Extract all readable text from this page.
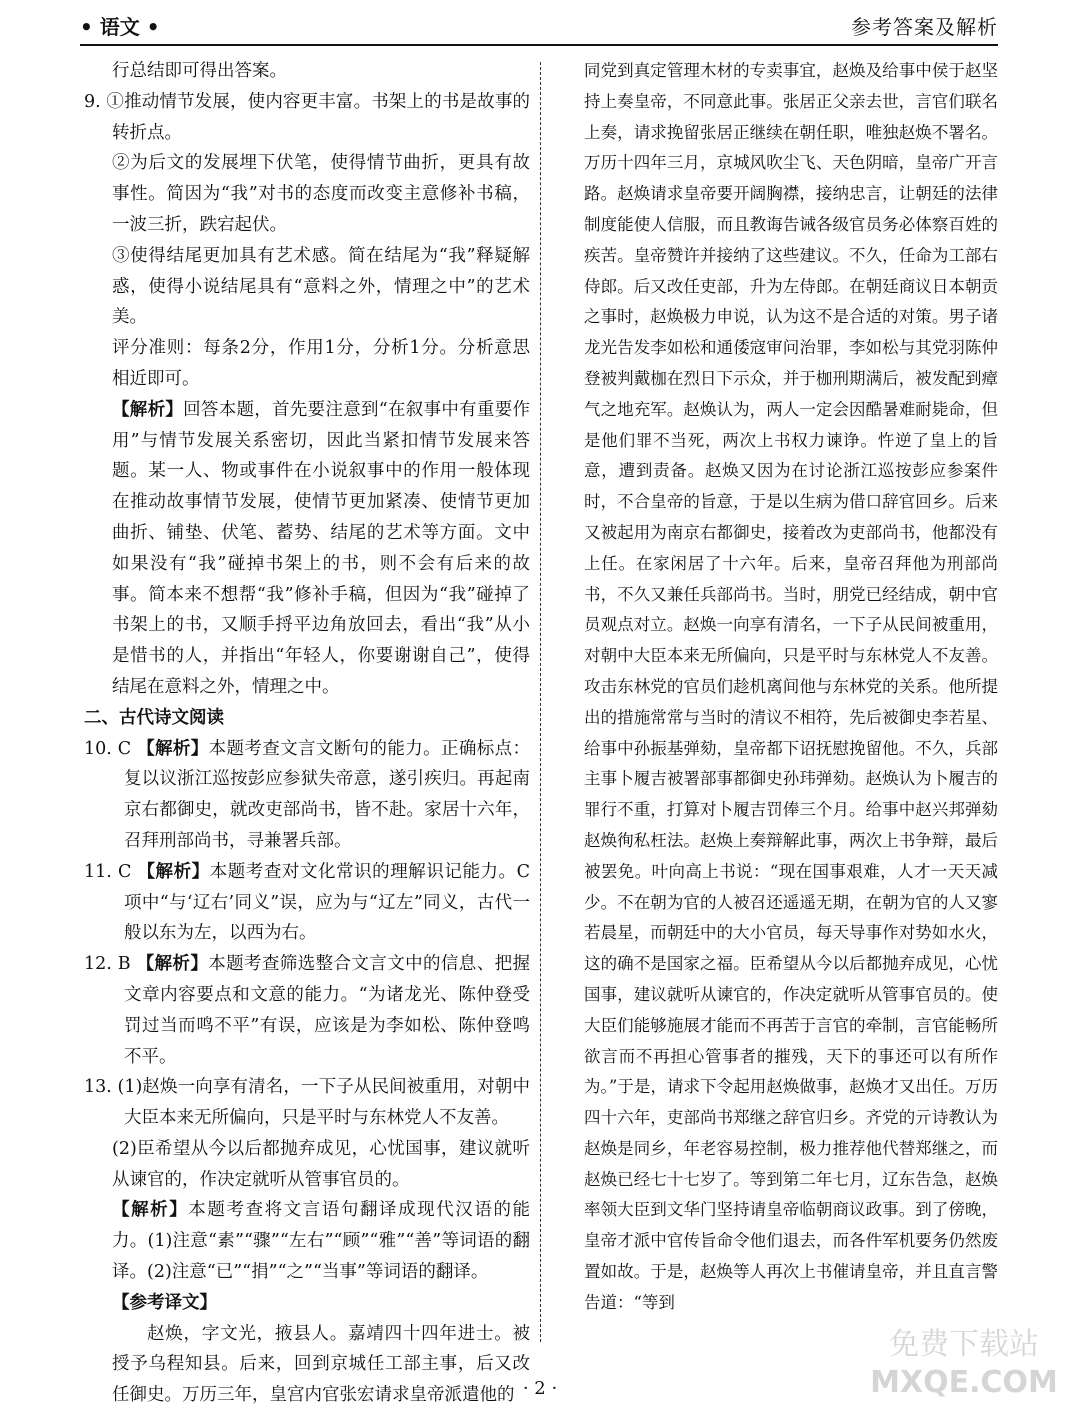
• 语文 •	参考答案及解析

行总结即可得出答案。

9. ①推动情节发展，使内容更丰富。书架上的书是故事的转折点。

②为后文的发展埋下伏笔，使得情节曲折，更具有故事性。简因为“我”对书的态度而改变主意修补书稿，一波三折，跌宕起伏。

③使得结尾更加具有艺术感。简在结尾为“我”释疑解惑，使得小说结尾具有“意料之外，情理之中”的艺术美。

评分准则：每条2分，作用1分，分析1分。分析意思相近即可。

【解析】回答本题，首先要注意到“在叙事中有重要作用”与情节发展关系密切，因此当紧扣情节发展来答题。某一人、物或事件在小说叙事中的作用一般体现在推动故事情节发展，使情节更加紧凑、使情节更加曲折、铺垫、伏笔、蓄势、结尾的艺术等方面。文中如果没有“我”碰掉书架上的书，则不会有后来的故事。简本来不想帮“我”修补手稿，但因为“我”碰掉了书架上的书，又顺手捋平边角放回去，看出“我”从小是惜书的人，并指出“年轻人，你要谢谢自己”，使得结尾在意料之外，情理之中。

二、古代诗文阅读

10. C 【解析】本题考查文言文断句的能力。正确标点：复以议浙江巡按彭应参狱失帝意，遂引疾归。再起南京右都御史，就改吏部尚书，皆不赴。家居十六年，召拜刑部尚书，寻兼署兵部。

11. C 【解析】本题考查对文化常识的理解识记能力。C项中“与‘辽右’同义”误，应为与“辽左”同义，古代一般以东为左，以西为右。

12. B 【解析】本题考查筛选整合文言文中的信息、把握文章内容要点和文意的能力。“为诸龙光、陈仲登受罚过当而鸣不平”有误，应该是为李如松、陈仲登鸣不平。

13. (1)赵焕一向享有清名，一下子从民间被重用，对朝中大臣本来无所偏向，只是平时与东林党人不友善。

(2)臣希望从今以后都抛弃成见，心忧国事，建议就听从谏官的，作决定就听从管事官员的。

【解析】本题考查将文言语句翻译成现代汉语的能力。(1)注意“素”“骤”“左右”“顾”“雅”“善”等词语的翻译。(2)注意“已”“捐”“之”“当事”等词语的翻译。

【参考译文】

赵焕，字文光，掖县人。嘉靖四十四年进士。被授予乌程知县。后来，回到京城任工部主事，后又改任御史。万历三年，皇宫内官张宏请求皇帝派遣他的

同党到真定管理木材的专卖事宜，赵焕及给事中侯于赵坚持上奏皇帝，不同意此事。张居正父亲去世，言官们联名上奏，请求挽留张居正继续在朝任职，唯独赵焕不署名。万历十四年三月，京城风吹尘飞、天色阴暗，皇帝广开言路。赵焕请求皇帝要开阔胸襟，接纳忠言，让朝廷的法律制度能使人信服，而且教诲告诫各级官员务必体察百姓的疾苦。皇帝赞许并接纳了这些建议。不久，任命为工部右侍郎。后又改任吏部，升为左侍郎。在朝廷商议日本朝贡之事时，赵焕极力申说，认为这不是合适的对策。男子诸龙光告发李如松和通倭寇审问治罪，李如松与其党羽陈仲登被判戴枷在烈日下示众，并于枷刑期满后，被发配到瘴气之地充军。赵焕认为，两人一定会因酷暑难耐毙命，但是他们罪不当死，两次上书权力谏诤。忤逆了皇上的旨意，遭到责备。赵焕又因为在讨论浙江巡按彭应参案件时，不合皇帝的旨意，于是以生病为借口辞官回乡。后来又被起用为南京右都御史，接着改为吏部尚书，他都没有上任。在家闲居了十六年。后来，皇帝召拜他为刑部尚书，不久又兼任兵部尚书。当时，朋党已经结成，朝中官员观点对立。赵焕一向享有清名，一下子从民间被重用，对朝中大臣本来无所偏向，只是平时与东林党人不友善。攻击东林党的官员们趁机离间他与东林党的关系。他所提出的措施常常与当时的清议不相符，先后被御史李若星、给事中孙振基弹劾，皇帝都下诏抚慰挽留他。不久，兵部主事卜履吉被署部事都御史孙玮弹劾。赵焕认为卜履吉的罪行不重，打算对卜履吉罚俸三个月。给事中赵兴邦弹劾赵焕徇私枉法。赵焕上奏辩解此事，两次上书争辩，最后被罢免。叶向高上书说：“现在国事艰难，人才一天天减少。不在朝为官的人被召还遥遥无期，在朝为官的人又寥若晨星，而朝廷中的大小官员，每天导事作对势如水火，这的确不是国家之福。臣希望从今以后都抛弃成见，心忧国事，建议就听从谏官的，作决定就听从管事官员的。使大臣们能够施展才能而不再苦于言官的牵制，言官能畅所欲言而不再担心管事者的摧残，天下的事还可以有所作为。”于是，请求下令起用赵焕做事，赵焕才又出任。万历四十六年，吏部尚书郑继之辞官归乡。齐党的亓诗教认为赵焕是同乡，年老容易控制，极力推荐他代替郑继之，而赵焕已经七十七岁了。等到第二年七月，辽东告急，赵焕率领大臣到文华门坚持请皇帝临朝商议政事。到了傍晚，皇帝才派中官传旨命令他们退去，而各件军机要务仍然废置如故。于是，赵焕等人再次上书催请皇帝，并且直言警告道：“等到

· 2 ·
免费下载站
MXQE.COM
